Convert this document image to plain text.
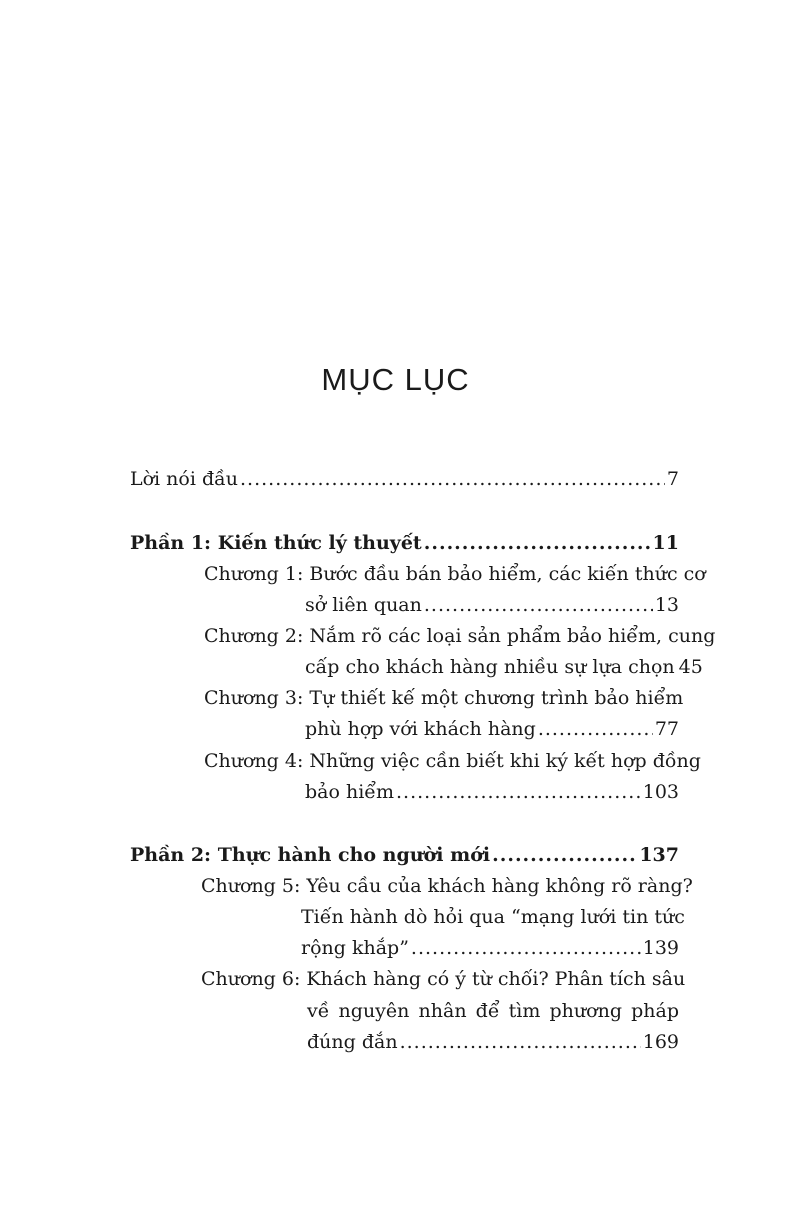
MỤC LỤC
Lời nói đầu .....	7
Phần 1: Kiến thức lý thuyết .....	11
Chương 1: Bước đầu bán bảo hiểm, các kiến thức cơ
sở liên quan .....	13
Chương 2: Nắm rõ các loại sản phẩm bảo hiểm, cung
cấp cho khách hàng nhiều sự lựa chọn 45
Chương 3: Tự thiết kế một chương trình bảo hiểm
phù hợp với khách hàng .....	77
Chương 4: Những việc cần biết khi ký kết hợp đồng
bảo hiểm .....	103
Phần 2: Thực hành cho người mới .....	137
Chương 5: Yêu cầu của khách hàng không rõ ràng?
Tiến hành dò hỏi qua “mạng lưới tin tức
rộng khắp” .....	139
Chương 6: Khách hàng có ý từ chối? Phân tích sâu
về nguyên nhân để tìm phương pháp
đúng đắn .....	169
